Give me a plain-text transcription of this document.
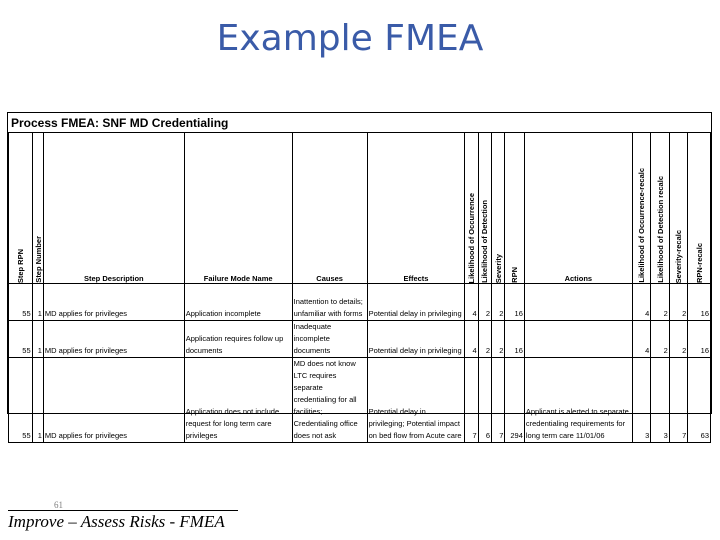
Example FMEA
Process FMEA: SNF MD Credentialing
Step RPN	Step Number	Step Description	Failure Mode Name	Causes	Effects	Likelihood of Occurrence	Likelihood of Detection	Severity	RPN	Actions	Likelihood of Occurrence-recalc	Likelihood of Detection recalc	Severity-recalc	RPN-recalc

55	1	MD applies for privileges	Application incomplete	Inattention to details; unfamiliar with forms	Potential delay in privileging	4	2	2	16		4	2	2	16
55	1	MD applies for privileges	Application requires follow up documents	Inadequate incomplete documents	Potential delay in privileging	4	2	2	16		4	2	2	16
55	1	MD applies for privileges	Application does not include request for long term care privileges	MD does not know LTC requires separate credentialing for all facilities; Credentialing office does not ask	Potential delay in privileging; Potential impact on bed flow from Acute care	7	6	7	294	Applicant is alerted to separate credentialing requirements for long term care 11/01/06	3	3	7	63
61
Improve – Assess Risks - FMEA
